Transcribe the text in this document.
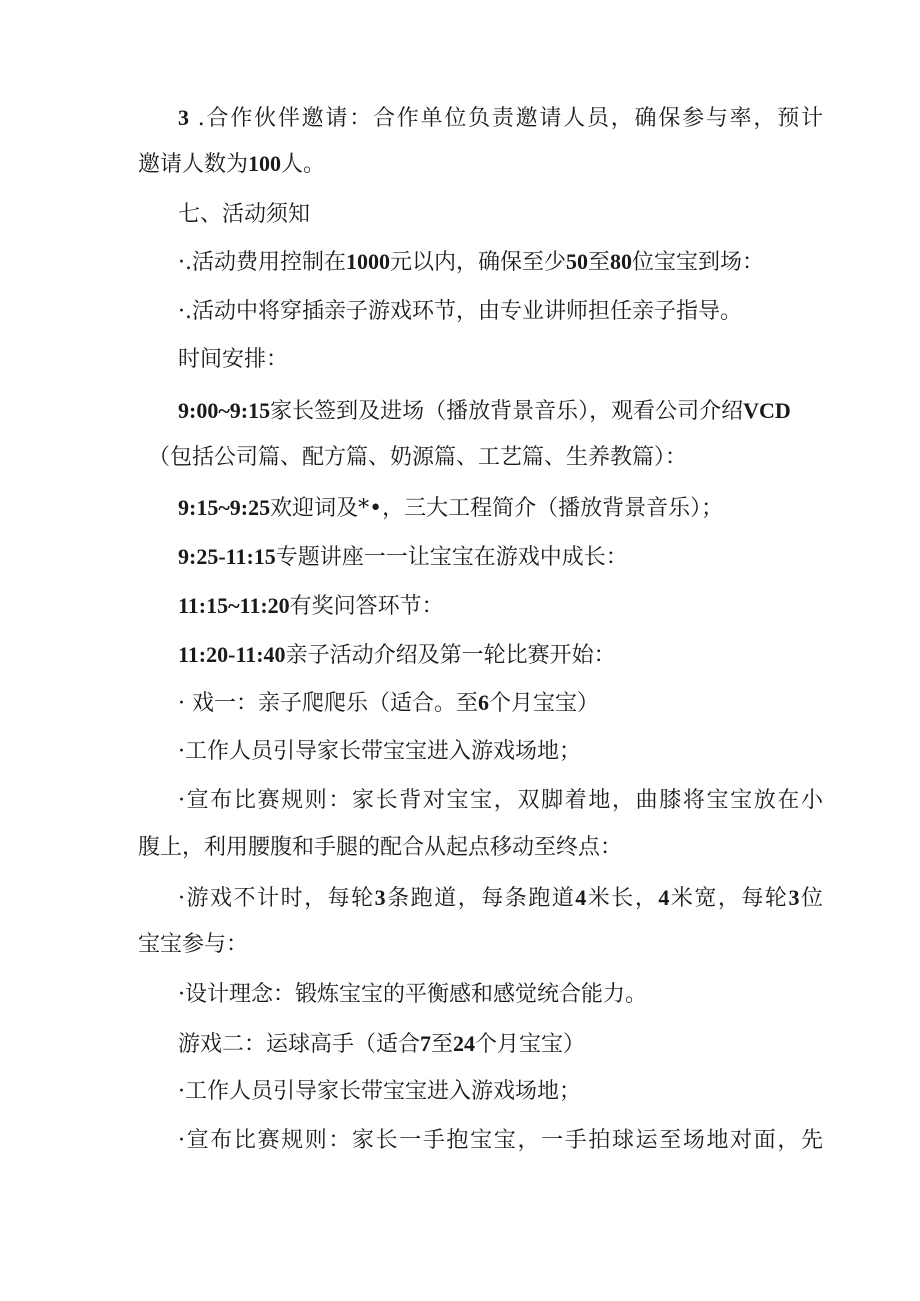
3 .合作伙伴邀请：合作单位负责邀请人员，确保参与率，预计
邀请人数为100人。
七、活动须知
·.活动费用控制在1000元以内，确保至少50至80位宝宝到场：
·.活动中将穿插亲子游戏环节，由专业讲师担任亲子指导。
时间安排：
9:00~9:15家长签到及进场（播放背景音乐），观看公司介绍VCD
（包括公司篇、配方篇、奶源篇、工艺篇、生养教篇）：
9:15~9:25欢迎词及*•，三大工程简介（播放背景音乐）；
9:25-11:15专题讲座一一让宝宝在游戏中成长：
11:15~11:20有奖问答环节：
11:20-11:40亲子活动介绍及第一轮比赛开始：
· 戏一：亲子爬爬乐（适合。至6个月宝宝）
·工作人员引导家长带宝宝进入游戏场地；
·宣布比赛规则：家长背对宝宝，双脚着地，曲膝将宝宝放在小
腹上，利用腰腹和手腿的配合从起点移动至终点：
·游戏不计时，每轮3条跑道，每条跑道4米长，4米宽，每轮3位
宝宝参与：
·设计理念：锻炼宝宝的平衡感和感觉统合能力。
游戏二：运球高手（适合7至24个月宝宝）
·工作人员引导家长带宝宝进入游戏场地；
·宣布比赛规则：家长一手抱宝宝，一手拍球运至场地对面，先
